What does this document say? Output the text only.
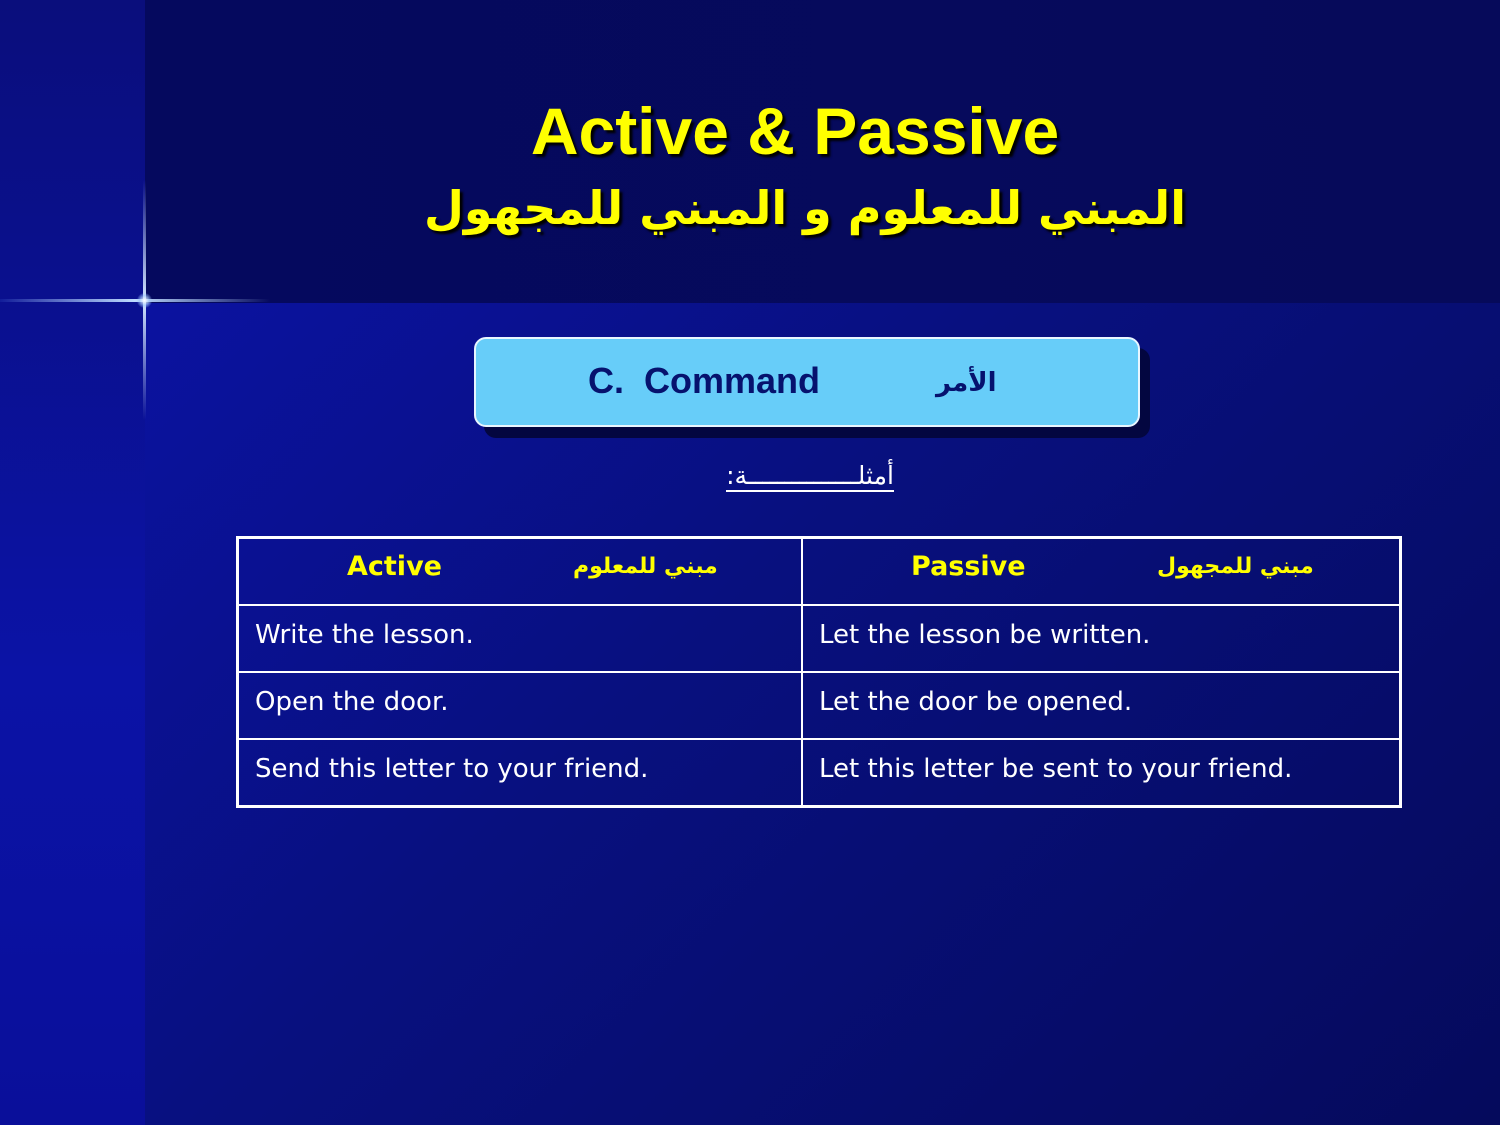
Active & Passive
المبني للمعلوم و المبني للمجهول
C.  Command	الأمر
أمثلـــــــــــــــة:
Active مبني للمعلوم	Passive مبني للمجهول

Write the lesson.	Let the lesson be written.

Open the door.	Let the door be opened.

Send this letter to your friend.	Let this letter be sent to your friend.
